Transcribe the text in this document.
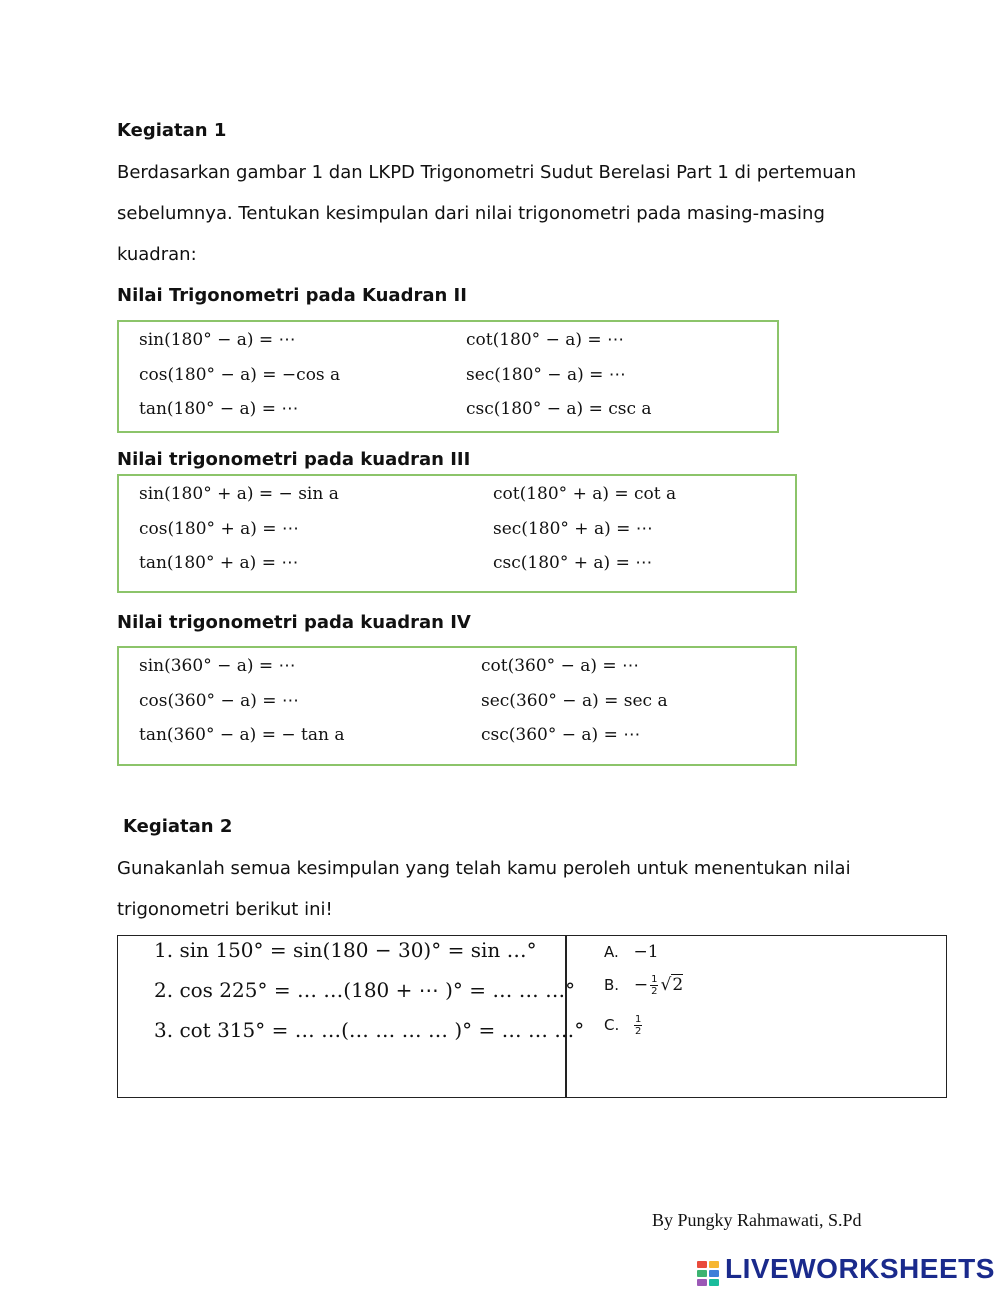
Kegiatan 1
Berdasarkan gambar 1 dan LKPD Trigonometri Sudut Berelasi Part 1 di pertemuan
sebelumnya. Tentukan kesimpulan dari nilai trigonometri pada masing-masing
kuadran:
Nilai Trigonometri pada Kuadran II
sin(180° − a) = ⋯
cos(180° − a) = −cos a
tan(180° − a) = ⋯
cot(180° − a) = ⋯
sec(180° − a) = ⋯
csc(180° − a) = csc a
Nilai trigonometri pada kuadran III
sin(180° + a) = − sin a
cos(180° + a) = ⋯
tan(180° + a) = ⋯
cot(180° + a) = cot a
sec(180° + a) = ⋯
csc(180° + a) = ⋯
Nilai trigonometri pada kuadran IV
sin(360° − a) = ⋯
cos(360° − a) = ⋯
tan(360° − a) = − tan a
cot(360° − a) = ⋯
sec(360° − a) = sec a
csc(360° − a) = ⋯
Kegiatan 2
Gunakanlah semua kesimpulan yang telah kamu peroleh untuk menentukan nilai
trigonometri berikut ini!
1. sin 150° = sin(180 − 30)° = sin …°
2. cos 225° = … …(180 + ⋯ )° = … … …°
3. cot 315° = … …(… … … … )° = … … …°
A. −1
B. − $\frac{1}{2} √2$
C. $\frac{1}{2}$
By Pungky Rahmawati, S.Pd
LIVEWORKSHEETS
